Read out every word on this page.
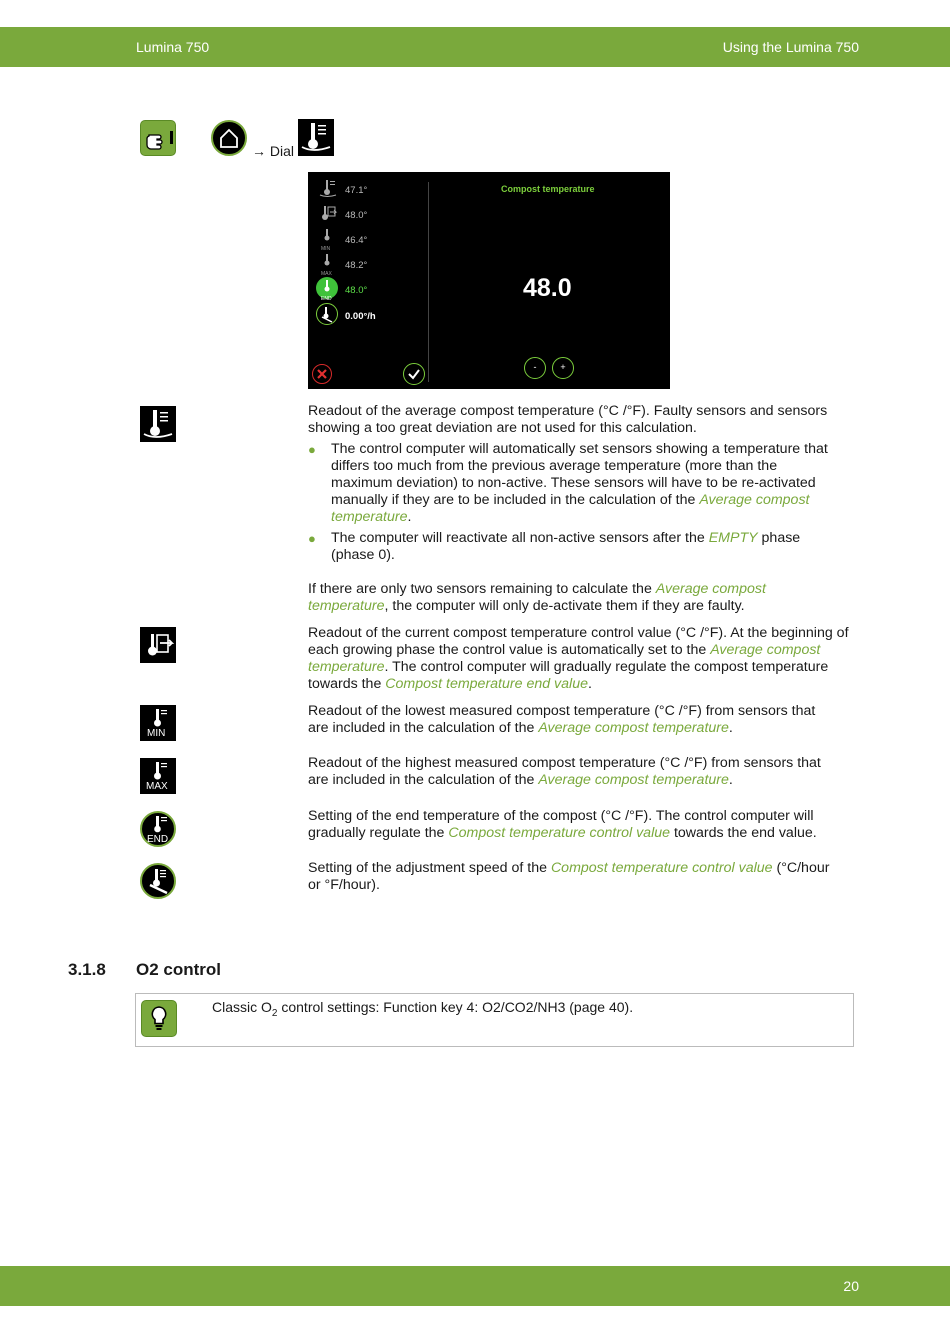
Lumina 750	Using the Lumina 750
→ Dial
47.1°
48.0°
MIN
46.4°
MAX
48.2°
END
48.0°
0.00°/h
Compost temperature
48.0
-	+
MIN
MAX
END

Readout of the average compost temperature (°C /°F). Faulty sensors and sensors showing a too great deviation are not used for this calculation.

● The control computer will automatically set sensors showing a temperature that differs too much from the previous average temperature (more than the maximum deviation) to non-active. These sensors will have to be re-activated manually if they are to be included in the calculation of the Average compost temperature.
● The computer will reactivate all non-active sensors after the EMPTY phase (phase 0).

If there are only two sensors remaining to calculate the Average compost temperature, the computer will only de-activate them if they are faulty.

Readout of the current compost temperature control value (°C /°F). At the beginning of each growing phase the control value is automatically set to the Average compost temperature. The control computer will gradually regulate the compost temperature towards the Compost temperature end value.

Readout of the lowest measured compost temperature (°C /°F) from sensors that are included in the calculation of the Average compost temperature.

Readout of the highest measured compost temperature (°C /°F) from sensors that are included in the calculation of the Average compost temperature.

Setting of the end temperature of the compost (°C /°F). The control computer will gradually regulate the Compost temperature control value towards the end value.

Setting of the adjustment speed of the Compost temperature control value (°C/hour or °F/hour).

3.1.8 O2 control

Classic $O_2$ control settings: Function key 4: O2/CO2/NH3 (page 40).

20
